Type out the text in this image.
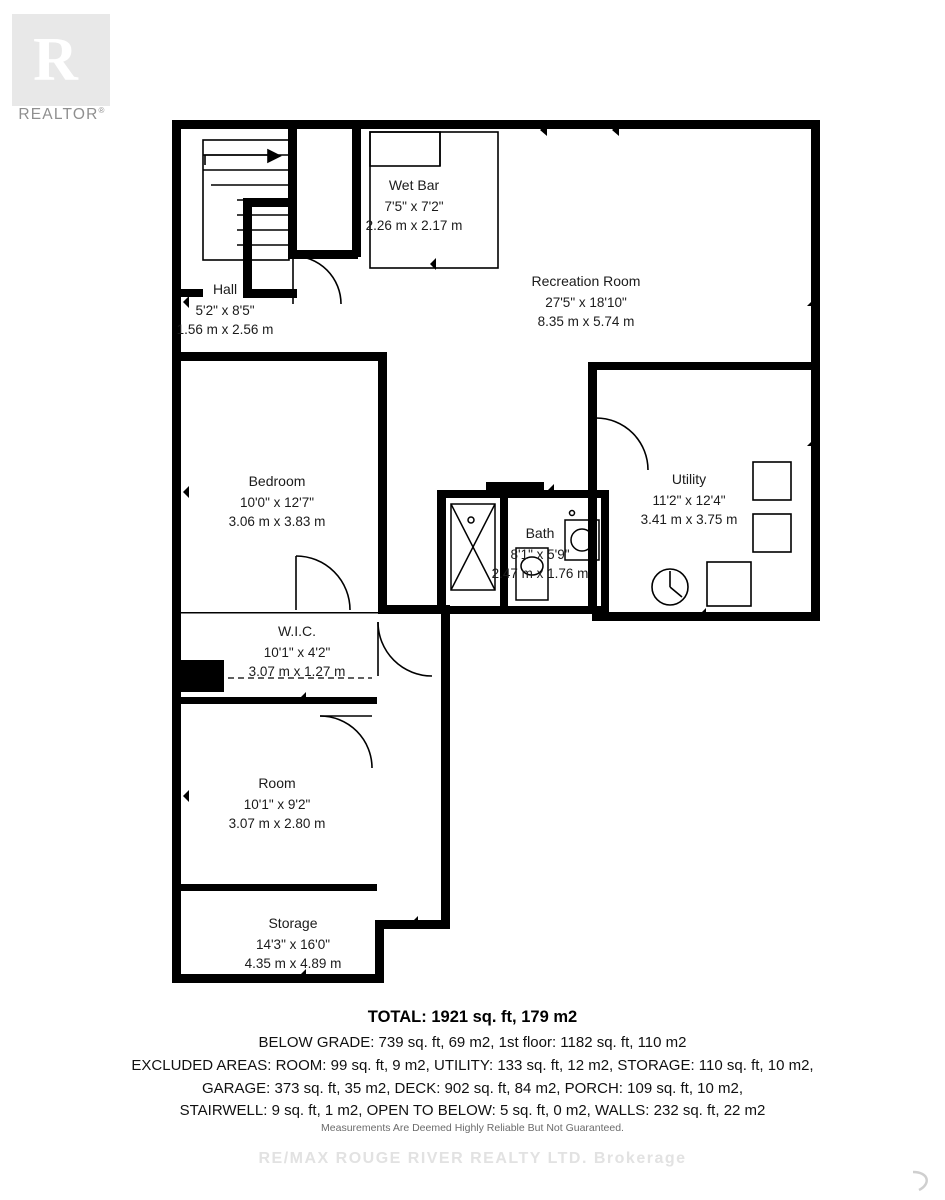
R
REALTOR®
Wet Bar
7'5" x 7'2"
2.26 m x 2.17 m
Recreation Room
27'5" x 18'10"
8.35 m x 5.74 m
Hall
5'2" x 8'5"
1.56 m x 2.56 m
Bedroom
10'0" x 12'7"
3.06 m x 3.83 m
Utility
11'2" x 12'4"
3.41 m x 3.75 m
Bath
8'1" x 5'9"
2.47 m x 1.76 m
W.I.C.
10'1" x 4'2"
3.07 m x 1.27 m
Room
10'1" x 9'2"
3.07 m x 2.80 m
Storage
14'3" x 16'0"
4.35 m x 4.89 m
TOTAL: 1921 sq. ft, 179 m2
BELOW GRADE: 739 sq. ft, 69 m2, 1st floor: 1182 sq. ft, 110 m2
EXCLUDED AREAS: ROOM: 99 sq. ft, 9 m2, UTILITY: 133 sq. ft, 12 m2, STORAGE: 110 sq. ft, 10 m2,
GARAGE: 373 sq. ft, 35 m2, DECK: 902 sq. ft, 84 m2, PORCH: 109 sq. ft, 10 m2,
STAIRWELL: 9 sq. ft, 1 m2, OPEN TO BELOW: 5 sq. ft, 0 m2, WALLS: 232 sq. ft, 22 m2
Measurements Are Deemed Highly Reliable But Not Guaranteed.
RE/MAX ROUGE RIVER REALTY LTD. Brokerage
